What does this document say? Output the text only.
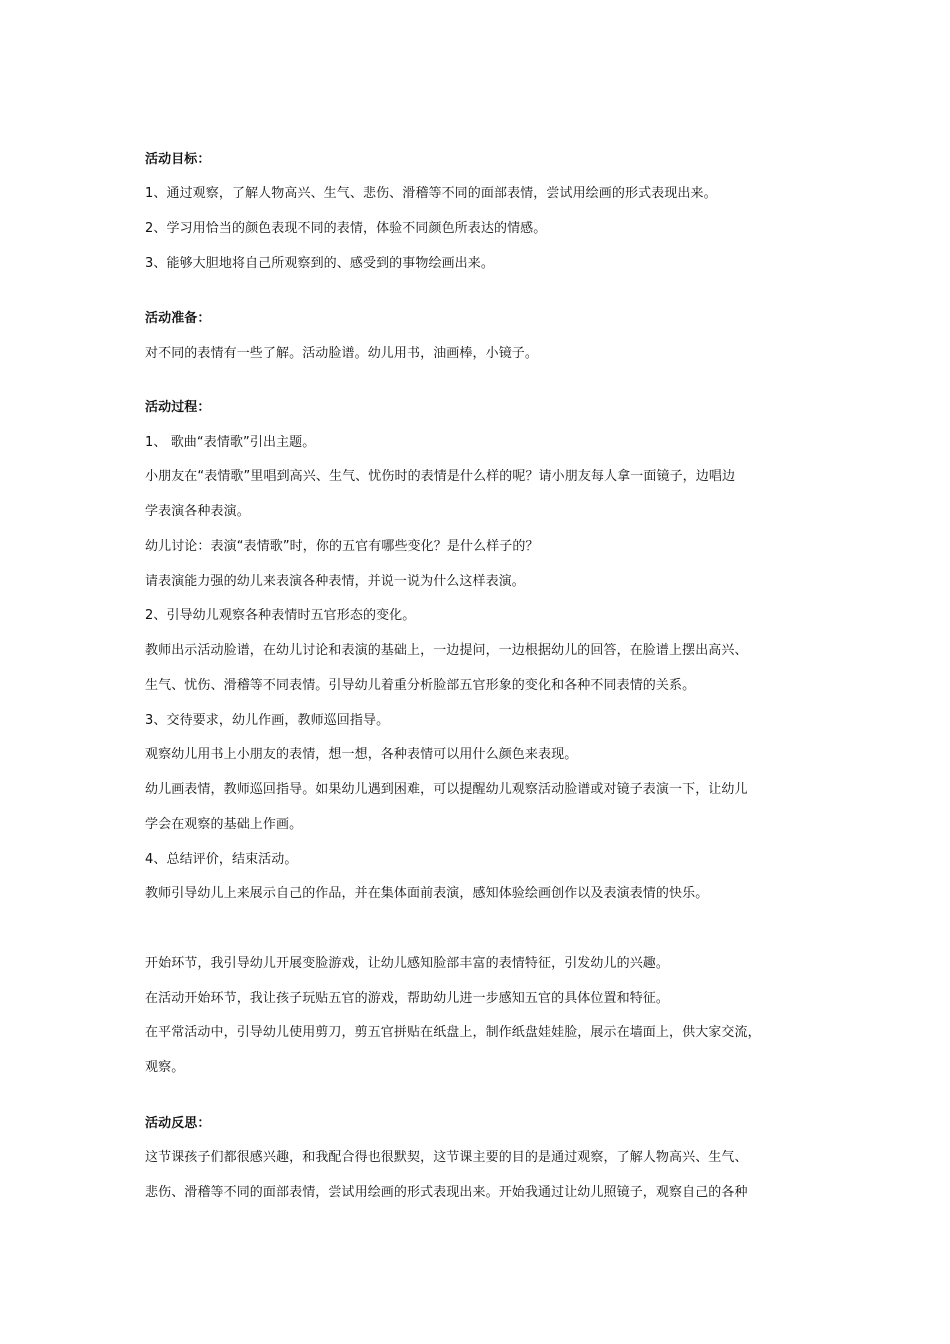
活动目标：
1、通过观察，了解人物高兴、生气、悲伤、滑稽等不同的面部表情，尝试用绘画的形式表现出来。
2、学习用恰当的颜色表现不同的表情，体验不同颜色所表达的情感。
3、能够大胆地将自己所观察到的、感受到的事物绘画出来。
活动准备：
对不同的表情有一些了解。活动脸谱。幼儿用书，油画棒，小镜子。
活动过程：
1、 歌曲“表情歌”引出主题。
小朋友在“表情歌”里唱到高兴、生气、忧伤时的表情是什么样的呢？请小朋友每人拿一面镜子，边唱边
学表演各种表演。
幼儿讨论：表演“表情歌”时，你的五官有哪些变化？是什么样子的？
请表演能力强的幼儿来表演各种表情，并说一说为什么这样表演。
2、引导幼儿观察各种表情时五官形态的变化。
教师出示活动脸谱，在幼儿讨论和表演的基础上，一边提问，一边根据幼儿的回答，在脸谱上摆出高兴、
生气、忧伤、滑稽等不同表情。引导幼儿着重分析脸部五官形象的变化和各种不同表情的关系。
3、交待要求，幼儿作画，教师巡回指导。
观察幼儿用书上小朋友的表情，想一想，各种表情可以用什么颜色来表现。
幼儿画表情，教师巡回指导。如果幼儿遇到困难，可以提醒幼儿观察活动脸谱或对镜子表演一下，让幼儿
学会在观察的基础上作画。
4、总结评价，结束活动。
教师引导幼儿上来展示自己的作品，并在集体面前表演，感知体验绘画创作以及表演表情的快乐。
开始环节，我引导幼儿开展变脸游戏，让幼儿感知脸部丰富的表情特征，引发幼儿的兴趣。
在活动开始环节，我让孩子玩贴五官的游戏，帮助幼儿进一步感知五官的具体位置和特征。
在平常活动中，引导幼儿使用剪刀，剪五官拼贴在纸盘上，制作纸盘娃娃脸，展示在墙面上，供大家交流，
观察。
活动反思：
这节课孩子们都很感兴趣，和我配合得也很默契，这节课主要的目的是通过观察，了解人物高兴、生气、
悲伤、滑稽等不同的面部表情，尝试用绘画的形式表现出来。开始我通过让幼儿照镜子，观察自己的各种
